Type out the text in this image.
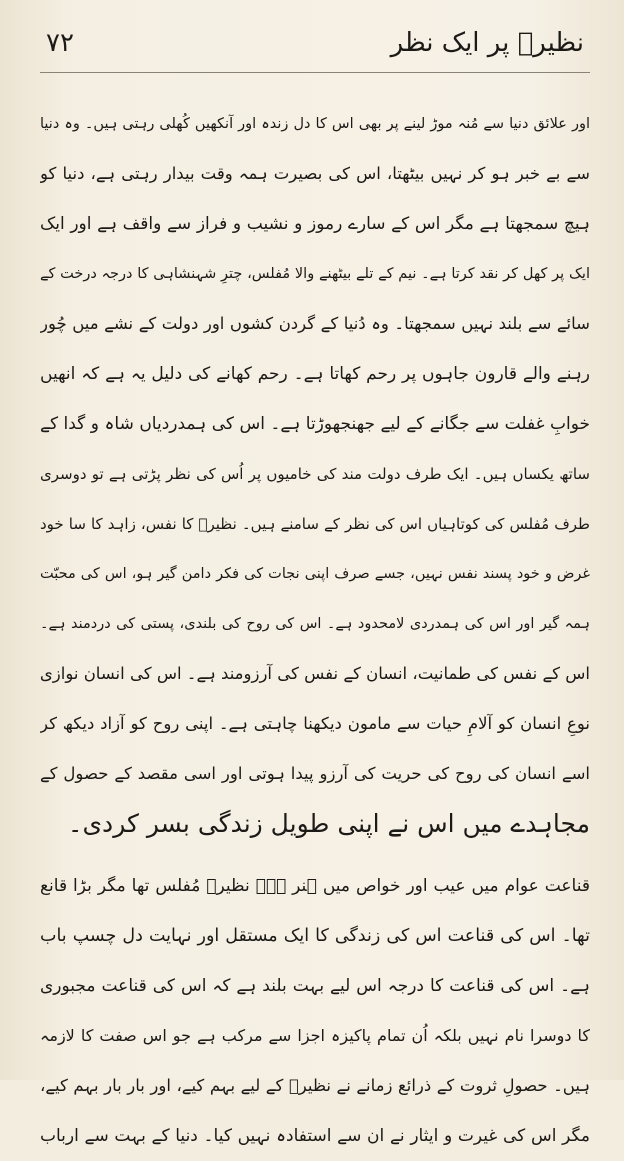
۷۲	نظیرؔ پر ایک نظر
اور علائق دنیا سے مُنہ موڑ لینے پر بھی اس کا دل زندہ اور آنکھیں کُھلی رہتی ہیں۔ وہ دنیا
سے بے خبر ہو کر نہیں بیٹھتا، اس کی بصیرت ہمہ وقت بیدار رہتی ہے، دنیا کو
ہیچ سمجھتا ہے مگر اس کے سارے رموز و نشیب و فراز سے واقف ہے اور ایک
ایک پر کھل کر نقد کرتا ہے۔ نیم کے تلے بیٹھنے والا مُفلس، چترِ شہنشاہی کا درجہ درخت کے
سائے سے بلند نہیں سمجھتا۔ وہ دُنیا کے گردن کشوں اور دولت کے نشے میں چُور
رہنے والے قارون جاہوں پر رحم کھاتا ہے۔ رحم کھانے کی دلیل یہ ہے کہ انھیں
خوابِ غفلت سے جگانے کے لیے جھنجھوڑتا ہے۔ اس کی ہمدردیاں شاہ و گدا کے
ساتھ یکساں ہیں۔ ایک طرف دولت مند کی خامیوں پر اُس کی نظر پڑتی ہے تو دوسری
طرف مُفلس کی کوتاہیاں اس کی نظر کے سامنے ہیں۔ نظیرؔ کا نفس، زاہد کا سا خود
غرض و خود پسند نفس نہیں، جسے صرف اپنی نجات کی فکر دامن گیر ہو، اس کی محبّت
ہمہ گیر اور اس کی ہمدردی لامحدود ہے۔ اس کی روح کی بلندی، پستی کی دردمند ہے۔
اس کے نفس کی طمانیت، انسان کے نفس کی آرزومند ہے۔ اس کی انسان نوازی
نوعِ انسان کو آلامِ حیات سے مامون دیکھنا چاہتی ہے۔ اپنی روح کو آزاد دیکھ کر
اسے انسان کی روح کی حریت کی آرزو پیدا ہوتی اور اسی مقصد کے حصول کے
مجاہدے میں اس نے اپنی طویل زندگی بسر کردی۔
قناعت عوام میں عیب اور خواص میں ہنر ہے۔ نظیرؔ مُفلس تھا مگر بڑا قانع
تھا۔ اس کی قناعت اس کی زندگی کا ایک مستقل اور نہایت دل چسپ باب
ہے۔ اس کی قناعت کا درجہ اس لیے بہت بلند ہے کہ اس کی قناعت مجبوری
کا دوسرا نام نہیں بلکہ اُن تمام پاکیزہ اجزا سے مرکب ہے جو اس صفت کا لازمہ
ہیں۔ حصولِ ثروت کے ذرائع زمانے نے نظیرؔ کے لیے بہم کیے، اور بار بار بہم کیے،
مگر اس کی غیرت و ایثار نے ان سے استفادہ نہیں کیا۔ دنیا کے بہت سے ارباب
